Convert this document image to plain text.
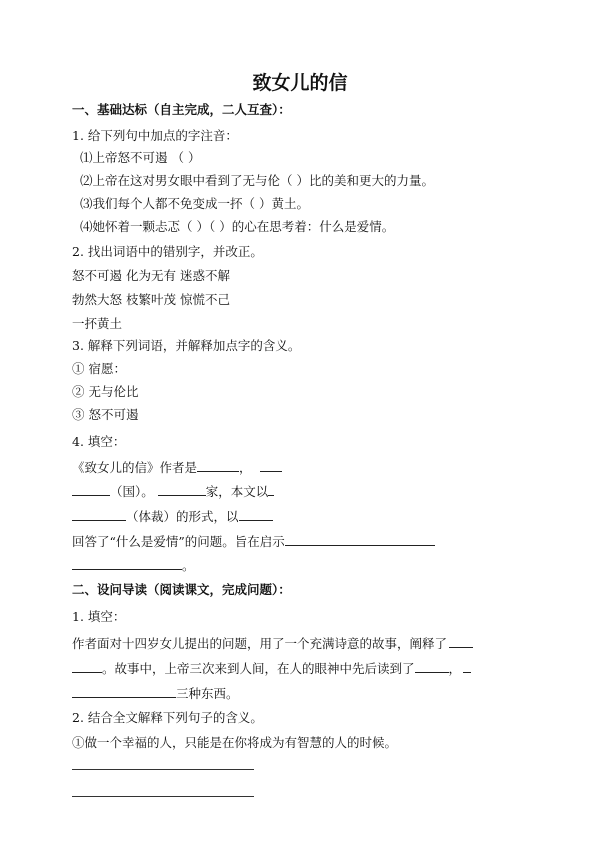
致女儿的信
一、基础达标（自主完成，二人互查）：
1. 给下列句中加点的字注音：
⑴上帝怒不可遏 （ ）
⑵上帝在这对男女眼中看到了无与伦（ ）比的美和更大的力量。
⑶我们每个人都不免变成一抔（ ）黄土。
⑷她怀着一颗忐忑（ ）（ ）的心在思考着：什么是爱情。
2. 找出词语中的错别字，并改正。
怒不可遏 化为无有 迷惑不解
勃然大怒 枝繁叶茂 惊慌不己
一抔黄土
3. 解释下列词语，并解释加点字的含义。
① 宿愿：
② 无与伦比
③ 怒不可遏
4. 填空：
《致女儿的信》作者是	，
（国）。	家，本文以
（体裁）的形式，以
回答了“什么是爱情”的问题。旨在启示
。
二、设问导读（阅读课文，完成问题）：
1. 填空：
作者面对十四岁女儿提出的问题，用了一个充满诗意的故事，阐释了
。故事中，上帝三次来到人间，在人的眼神中先后读到了	，
三种东西。
2. 结合全文解释下列句子的含义。
①做一个幸福的人，只能是在你将成为有智慧的人的时候。
